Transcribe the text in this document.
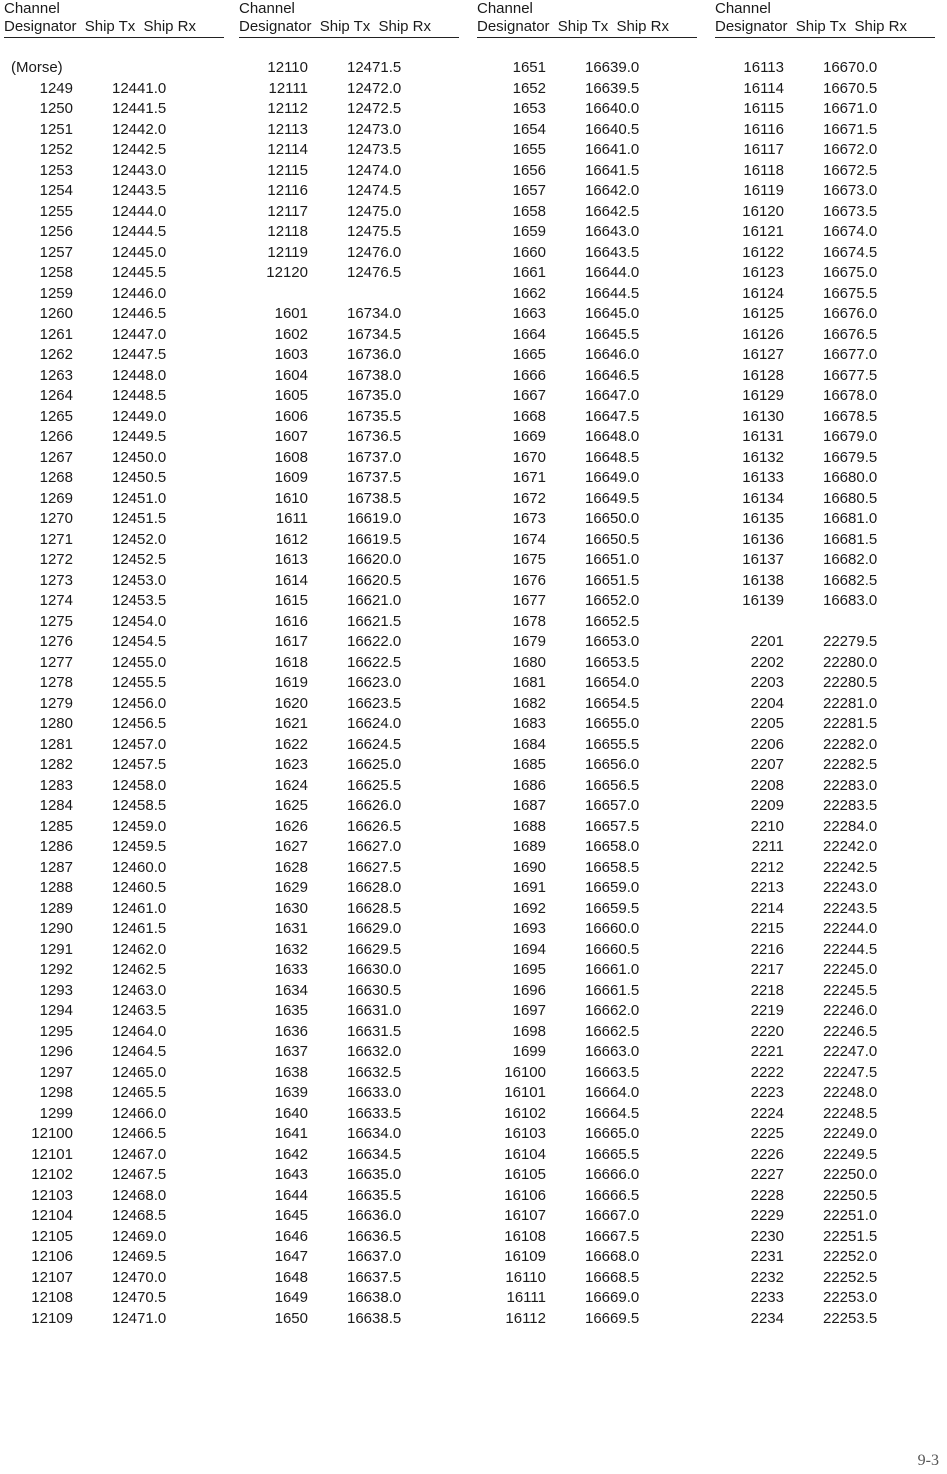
Channel
Designator Ship Tx Ship Rx
(Morse)
1249	12441.0
1250	12441.5
1251	12442.0
1252	12442.5
1253	12443.0
1254	12443.5
1255	12444.0
1256	12444.5
1257	12445.0
1258	12445.5
1259	12446.0
1260	12446.5
1261	12447.0
1262	12447.5
1263	12448.0
1264	12448.5
1265	12449.0
1266	12449.5
1267	12450.0
1268	12450.5
1269	12451.0
1270	12451.5
1271	12452.0
1272	12452.5
1273	12453.0
1274	12453.5
1275	12454.0
1276	12454.5
1277	12455.0
1278	12455.5
1279	12456.0
1280	12456.5
1281	12457.0
1282	12457.5
1283	12458.0
1284	12458.5
1285	12459.0
1286	12459.5
1287	12460.0
1288	12460.5
1289	12461.0
1290	12461.5
1291	12462.0
1292	12462.5
1293	12463.0
1294	12463.5
1295	12464.0
1296	12464.5
1297	12465.0
1298	12465.5
1299	12466.0
12100	12466.5
12101	12467.0
12102	12467.5
12103	12468.0
12104	12468.5
12105	12469.0
12106	12469.5
12107	12470.0
12108	12470.5
12109	12471.0
Channel
Designator Ship Tx Ship Rx
12110	12471.5
12111	12472.0
12112	12472.5
12113	12473.0
12114	12473.5
12115	12474.0
12116	12474.5
12117	12475.0
12118	12475.5
12119	12476.0
12120	12476.5
1601	16734.0
1602	16734.5
1603	16736.0
1604	16738.0
1605	16735.0
1606	16735.5
1607	16736.5
1608	16737.0
1609	16737.5
1610	16738.5
1611	16619.0
1612	16619.5
1613	16620.0
1614	16620.5
1615	16621.0
1616	16621.5
1617	16622.0
1618	16622.5
1619	16623.0
1620	16623.5
1621	16624.0
1622	16624.5
1623	16625.0
1624	16625.5
1625	16626.0
1626	16626.5
1627	16627.0
1628	16627.5
1629	16628.0
1630	16628.5
1631	16629.0
1632	16629.5
1633	16630.0
1634	16630.5
1635	16631.0
1636	16631.5
1637	16632.0
1638	16632.5
1639	16633.0
1640	16633.5
1641	16634.0
1642	16634.5
1643	16635.0
1644	16635.5
1645	16636.0
1646	16636.5
1647	16637.0
1648	16637.5
1649	16638.0
1650	16638.5
Channel
Designator Ship Tx Ship Rx
1651	16639.0
1652	16639.5
1653	16640.0
1654	16640.5
1655	16641.0
1656	16641.5
1657	16642.0
1658	16642.5
1659	16643.0
1660	16643.5
1661	16644.0
1662	16644.5
1663	16645.0
1664	16645.5
1665	16646.0
1666	16646.5
1667	16647.0
1668	16647.5
1669	16648.0
1670	16648.5
1671	16649.0
1672	16649.5
1673	16650.0
1674	16650.5
1675	16651.0
1676	16651.5
1677	16652.0
1678	16652.5
1679	16653.0
1680	16653.5
1681	16654.0
1682	16654.5
1683	16655.0
1684	16655.5
1685	16656.0
1686	16656.5
1687	16657.0
1688	16657.5
1689	16658.0
1690	16658.5
1691	16659.0
1692	16659.5
1693	16660.0
1694	16660.5
1695	16661.0
1696	16661.5
1697	16662.0
1698	16662.5
1699	16663.0
16100	16663.5
16101	16664.0
16102	16664.5
16103	16665.0
16104	16665.5
16105	16666.0
16106	16666.5
16107	16667.0
16108	16667.5
16109	16668.0
16110	16668.5
16111	16669.0
16112	16669.5
Channel
Designator Ship Tx Ship Rx
16113	16670.0
16114	16670.5
16115	16671.0
16116	16671.5
16117	16672.0
16118	16672.5
16119	16673.0
16120	16673.5
16121	16674.0
16122	16674.5
16123	16675.0
16124	16675.5
16125	16676.0
16126	16676.5
16127	16677.0
16128	16677.5
16129	16678.0
16130	16678.5
16131	16679.0
16132	16679.5
16133	16680.0
16134	16680.5
16135	16681.0
16136	16681.5
16137	16682.0
16138	16682.5
16139	16683.0
2201	22279.5
2202	22280.0
2203	22280.5
2204	22281.0
2205	22281.5
2206	22282.0
2207	22282.5
2208	22283.0
2209	22283.5
2210	22284.0
2211	22242.0
2212	22242.5
2213	22243.0
2214	22243.5
2215	22244.0
2216	22244.5
2217	22245.0
2218	22245.5
2219	22246.0
2220	22246.5
2221	22247.0
2222	22247.5
2223	22248.0
2224	22248.5
2225	22249.0
2226	22249.5
2227	22250.0
2228	22250.5
2229	22251.0
2230	22251.5
2231	22252.0
2232	22252.5
2233	22253.0
2234	22253.5
9-3
